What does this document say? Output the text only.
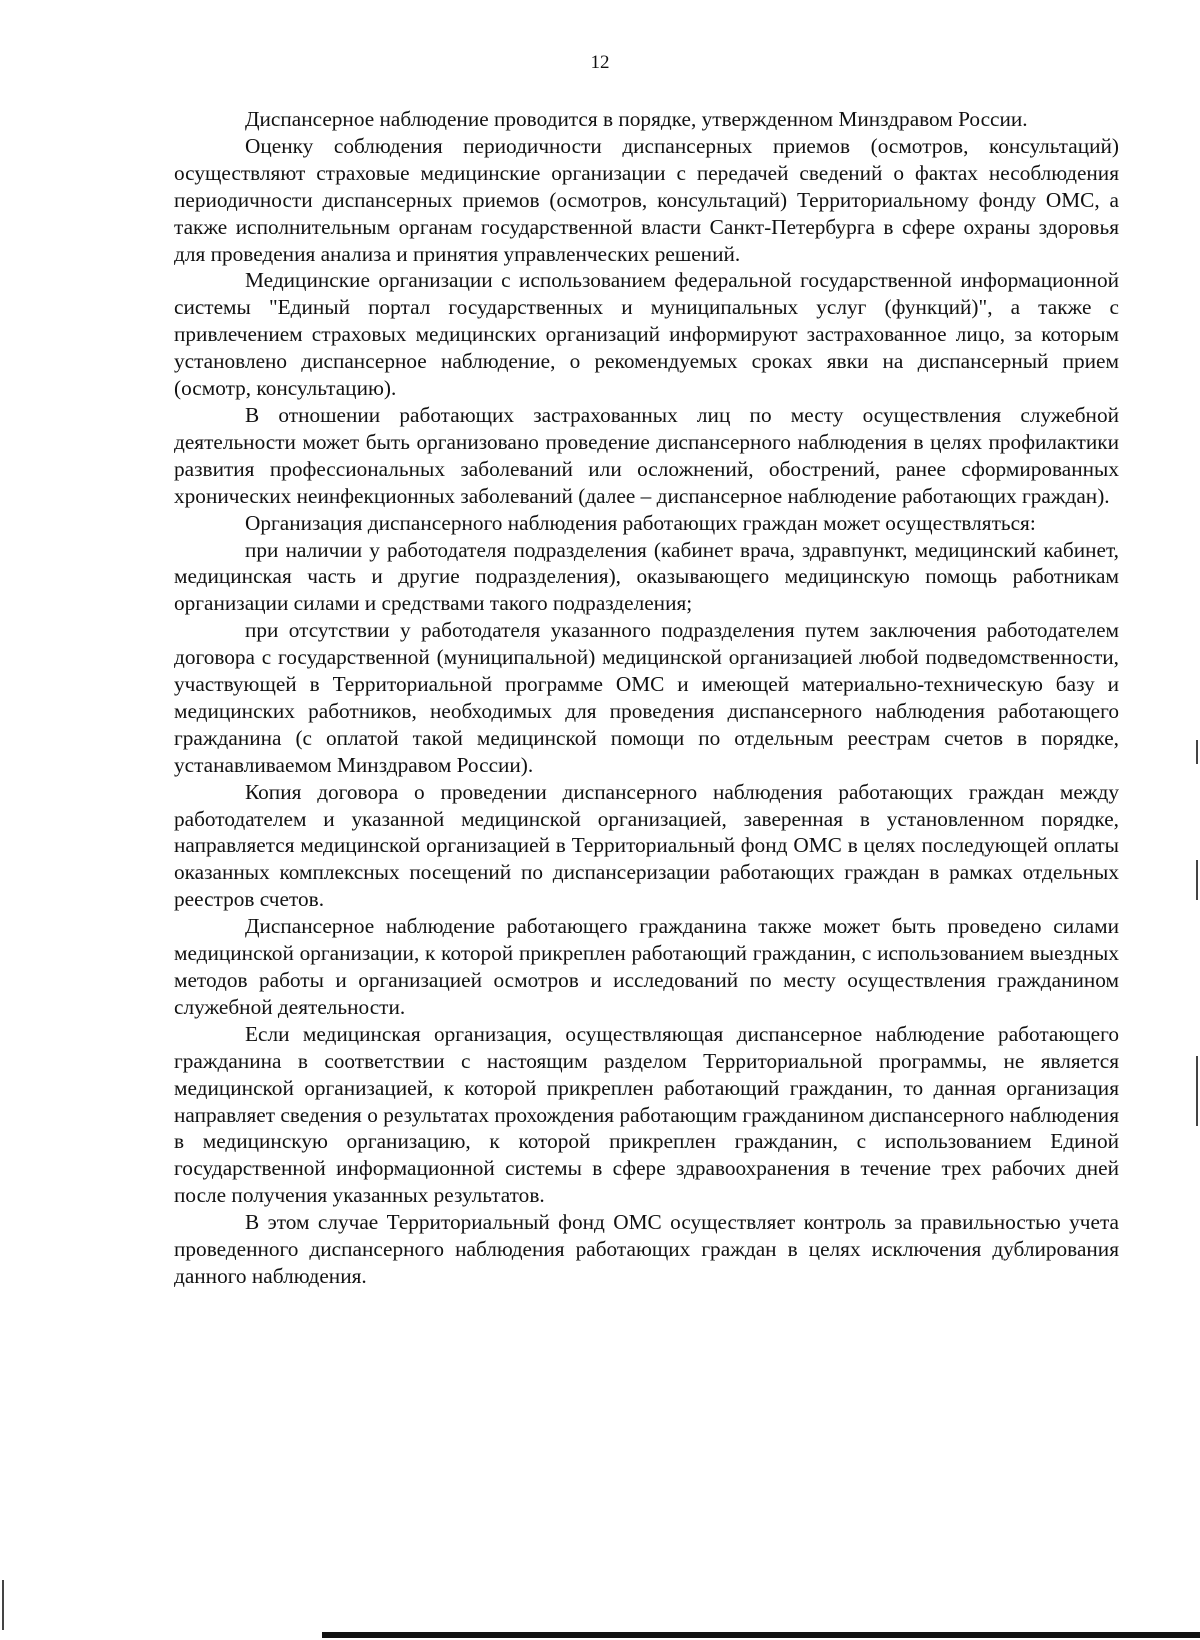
12

Диспансерное наблюдение проводится в порядке, утвержденном Минздравом России.

Оценку соблюдения периодичности диспансерных приемов (осмотров, консультаций) осуществляют страховые медицинские организации с передачей сведений о фактах несоблюдения периодичности диспансерных приемов (осмотров, консультаций) Территориальному фонду ОМС, а также исполнительным органам государственной власти Санкт-Петербурга в сфере охраны здоровья для проведения анализа и принятия управленческих решений.

Медицинские организации с использованием федеральной государственной информационной системы "Единый портал государственных и муниципальных услуг (функций)", а также с привлечением страховых медицинских организаций информируют застрахованное лицо, за которым установлено диспансерное наблюдение, о рекомендуемых сроках явки на диспансерный прием (осмотр, консультацию).

В отношении работающих застрахованных лиц по месту осуществления служебной деятельности может быть организовано проведение диспансерного наблюдения в целях профилактики развития профессиональных заболеваний или осложнений, обострений, ранее сформированных хронических неинфекционных заболеваний (далее – диспансерное наблюдение работающих граждан).

Организация диспансерного наблюдения работающих граждан может осуществляться:

при наличии у работодателя подразделения (кабинет врача, здравпункт, медицинский кабинет, медицинская часть и другие подразделения), оказывающего медицинскую помощь работникам организации силами и средствами такого подразделения;

при отсутствии у работодателя указанного подразделения путем заключения работодателем договора с государственной (муниципальной) медицинской организацией любой подведомственности, участвующей в Территориальной программе ОМС и имеющей материально-техническую базу и медицинских работников, необходимых для проведения диспансерного наблюдения работающего гражданина (с оплатой такой медицинской помощи по отдельным реестрам счетов в порядке, устанавливаемом Минздравом России).

Копия договора о проведении диспансерного наблюдения работающих граждан между работодателем и указанной медицинской организацией, заверенная в установленном порядке, направляется медицинской организацией в Территориальный фонд ОМС в целях последующей оплаты оказанных комплексных посещений по диспансеризации работающих граждан в рамках отдельных реестров счетов.

Диспансерное наблюдение работающего гражданина также может быть проведено силами медицинской организации, к которой прикреплен работающий гражданин, с использованием выездных методов работы и организацией осмотров и исследований по месту осуществления гражданином служебной деятельности.

Если медицинская организация, осуществляющая диспансерное наблюдение работающего гражданина в соответствии с настоящим разделом Территориальной программы, не является медицинской организацией, к которой прикреплен работающий гражданин, то данная организация направляет сведения о результатах прохождения работающим гражданином диспансерного наблюдения в медицинскую организацию, к которой прикреплен гражданин, с использованием Единой государственной информационной системы в сфере здравоохранения в течение трех рабочих дней после получения указанных результатов.

В этом случае Территориальный фонд ОМС осуществляет контроль за правильностью учета проведенного диспансерного наблюдения работающих граждан в целях исключения дублирования данного наблюдения.
